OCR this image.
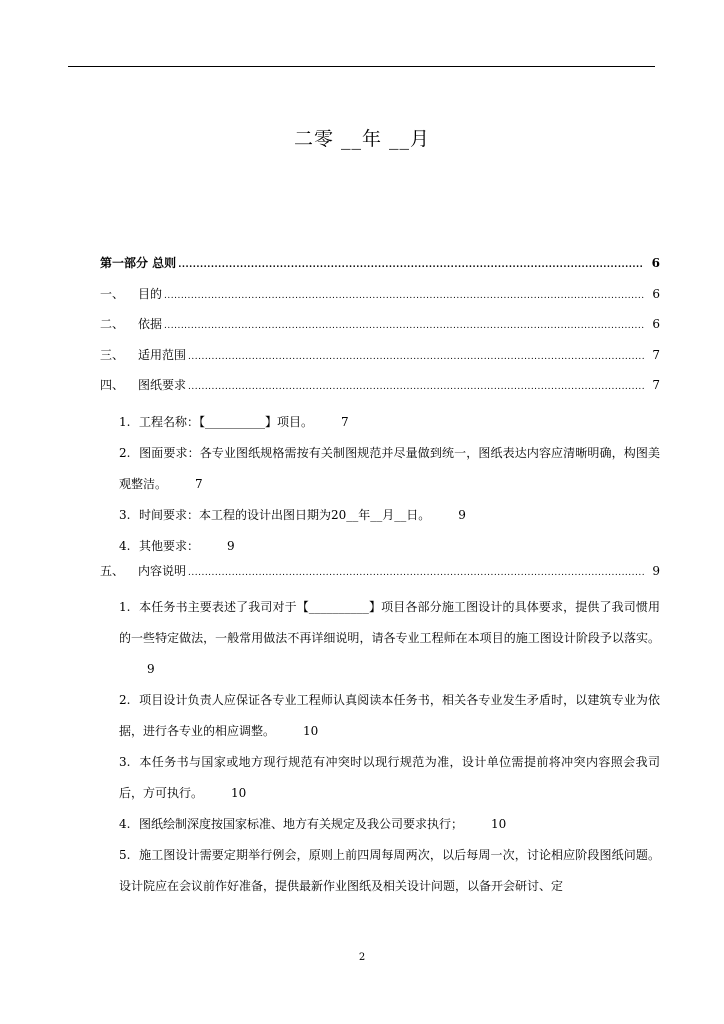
二零 __年 __月
第一部分 总则 .....	6
一、	目的 .....	6
二、	依据 .....	6
三、	适用范围 .....	7
四、	图纸要求 .....	7
1. 工程名称：【__________】项目。 7
2. 图面要求：各专业图纸规格需按有关制图规范并尽量做到统一，图纸表达内容应清晰明确，构图美观整洁。 7
3. 时间要求：本工程的设计出图日期为20__年__月__日。 9
4. 其他要求： 9
五、	内容说明 .....	9
1. 本任务书主要表述了我司对于【__________】项目各部分施工图设计的具体要求，提供了我司惯用的一些特定做法，一般常用做法不再详细说明，请各专业工程师在本项目的施工图设计阶段予以落实。9
2. 项目设计负责人应保证各专业工程师认真阅读本任务书，相关各专业发生矛盾时，以建筑专业为依据，进行各专业的相应调整。 10
3. 本任务书与国家或地方现行规范有冲突时以现行规范为准，设计单位需提前将冲突内容照会我司后，方可执行。 10
4. 图纸绘制深度按国家标准、地方有关规定及我公司要求执行； 10
5. 施工图设计需要定期举行例会，原则上前四周每周两次，以后每周一次，讨论相应阶段图纸问题。设计院应在会议前作好准备，提供最新作业图纸及相关设计问题，以备开会研讨、定
2
